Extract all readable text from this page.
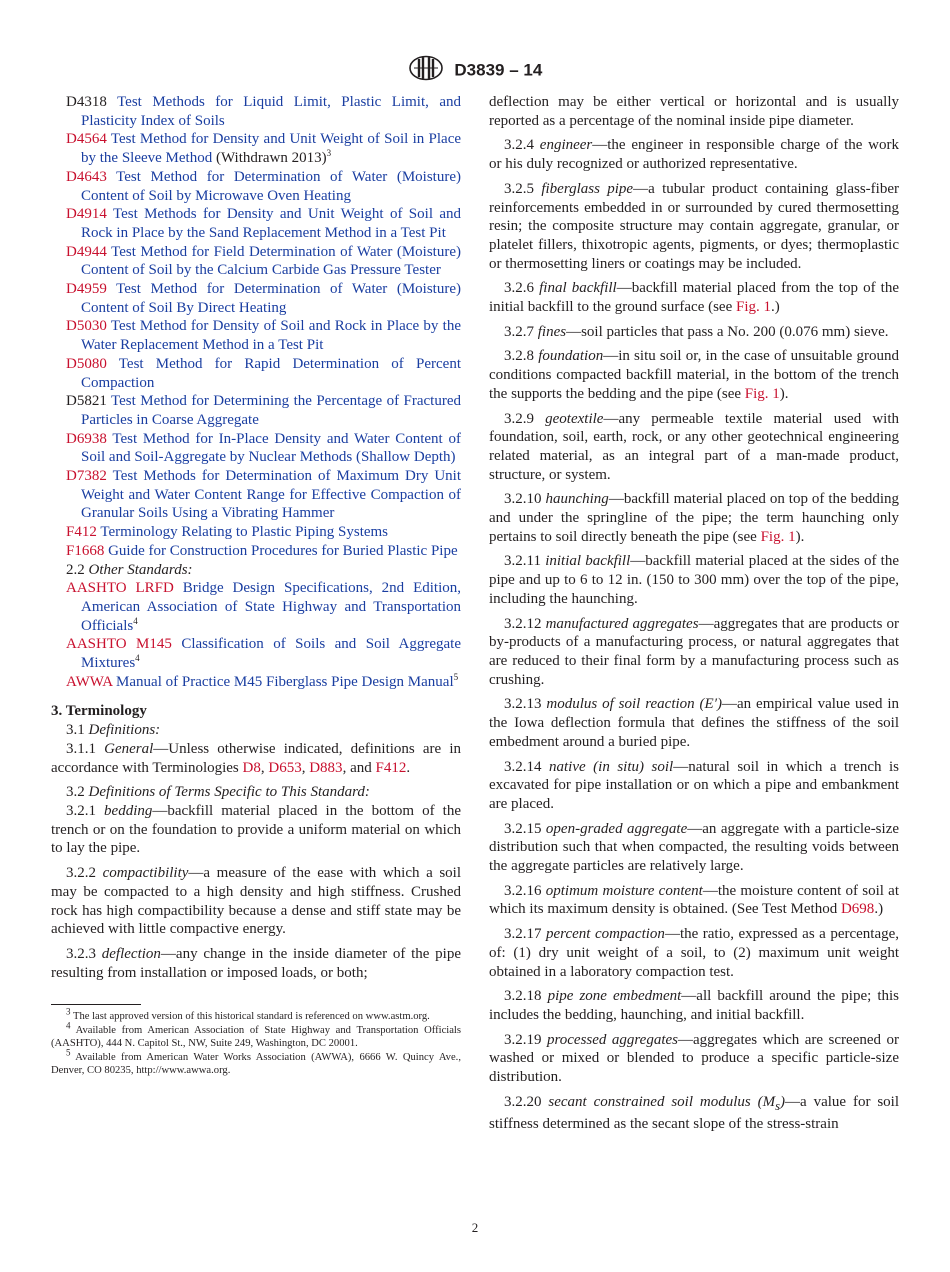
D3839 – 14
D4318 Test Methods for Liquid Limit, Plastic Limit, and Plasticity Index of Soils
D4564 Test Method for Density and Unit Weight of Soil in Place by the Sleeve Method (Withdrawn 2013)$^3$
D4643 Test Method for Determination of Water (Moisture) Content of Soil by Microwave Oven Heating
D4914 Test Methods for Density and Unit Weight of Soil and Rock in Place by the Sand Replacement Method in a Test Pit
D4944 Test Method for Field Determination of Water (Moisture) Content of Soil by the Calcium Carbide Gas Pressure Tester
D4959 Test Method for Determination of Water (Moisture) Content of Soil By Direct Heating
D5030 Test Method for Density of Soil and Rock in Place by the Water Replacement Method in a Test Pit
D5080 Test Method for Rapid Determination of Percent Compaction
D5821 Test Method for Determining the Percentage of Fractured Particles in Coarse Aggregate
D6938 Test Method for In-Place Density and Water Content of Soil and Soil-Aggregate by Nuclear Methods (Shallow Depth)
D7382 Test Methods for Determination of Maximum Dry Unit Weight and Water Content Range for Effective Compaction of Granular Soils Using a Vibrating Hammer
F412 Terminology Relating to Plastic Piping Systems
F1668 Guide for Construction Procedures for Buried Plastic Pipe
2.2 Other Standards:
AASHTO LRFD Bridge Design Specifications, 2nd Edition, American Association of State Highway and Transportation Officials$^4$
AASHTO M145 Classification of Soils and Soil Aggregate Mixtures$^4$
AWWA Manual of Practice M45 Fiberglass Pipe Design Manual$^5$
3. Terminology
3.1 Definitions:

3.1.1 General—Unless otherwise indicated, definitions are in accordance with Terminologies D8, D653, D883, and F412.

3.2 Definitions of Terms Specific to This Standard:

3.2.1 bedding—backfill material placed in the bottom of the trench or on the foundation to provide a uniform material on which to lay the pipe.

3.2.2 compactibility—a measure of the ease with which a soil may be compacted to a high density and high stiffness. Crushed rock has high compactibility because a dense and stiff state may be achieved with little compactive energy.

3.2.3 deflection—any change in the inside diameter of the pipe resulting from installation or imposed loads, or both;

$^3$ The last approved version of this historical standard is referenced on www.astm.org.
$^4$ Available from American Association of State Highway and Transportation Officials (AASHTO), 444 N. Capitol St., NW, Suite 249, Washington, DC 20001.
$^5$ Available from American Water Works Association (AWWA), 6666 W. Quincy Ave., Denver, CO 80235, http://www.awwa.org.

deflection may be either vertical or horizontal and is usually reported as a percentage of the nominal inside pipe diameter.

3.2.4 engineer—the engineer in responsible charge of the work or his duly recognized or authorized representative.

3.2.5 fiberglass pipe—a tubular product containing glass-fiber reinforcements embedded in or surrounded by cured thermosetting resin; the composite structure may contain aggregate, granular, or platelet fillers, thixotropic agents, pigments, or dyes; thermoplastic or thermosetting liners or coatings may be included.

3.2.6 final backfill—backfill material placed from the top of the initial backfill to the ground surface (see Fig. 1.)

3.2.7 fines—soil particles that pass a No. 200 (0.076 mm) sieve.

3.2.8 foundation—in situ soil or, in the case of unsuitable ground conditions compacted backfill material, in the bottom of the trench the supports the bedding and the pipe (see Fig. 1).

3.2.9 geotextile—any permeable textile material used with foundation, soil, earth, rock, or any other geotechnical engineering related material, as an integral part of a man-made product, structure, or system.

3.2.10 haunching—backfill material placed on top of the bedding and under the springline of the pipe; the term haunching only pertains to soil directly beneath the pipe (see Fig. 1).

3.2.11 initial backfill—backfill material placed at the sides of the pipe and up to 6 to 12 in. (150 to 300 mm) over the top of the pipe, including the haunching.

3.2.12 manufactured aggregates—aggregates that are products or by-products of a manufacturing process, or natural aggregates that are reduced to their final form by a manufacturing process such as crushing.

3.2.13 modulus of soil reaction (E′)—an empirical value used in the Iowa deflection formula that defines the stiffness of the soil embedment around a buried pipe.

3.2.14 native (in situ) soil—natural soil in which a trench is excavated for pipe installation or on which a pipe and embankment are placed.

3.2.15 open-graded aggregate—an aggregate with a particle-size distribution such that when compacted, the resulting voids between the aggregate particles are relatively large.

3.2.16 optimum moisture content—the moisture content of soil at which its maximum density is obtained. (See Test Method D698.)

3.2.17 percent compaction—the ratio, expressed as a percentage, of: (1) dry unit weight of a soil, to (2) maximum unit weight obtained in a laboratory compaction test.

3.2.18 pipe zone embedment—all backfill around the pipe; this includes the bedding, haunching, and initial backfill.

3.2.19 processed aggregates—aggregates which are screened or washed or mixed or blended to produce a specific particle-size distribution.

3.2.20 secant constrained soil modulus $(M_s)—a$ value for soil stiffness determined as the secant slope of the stress-strain

2
